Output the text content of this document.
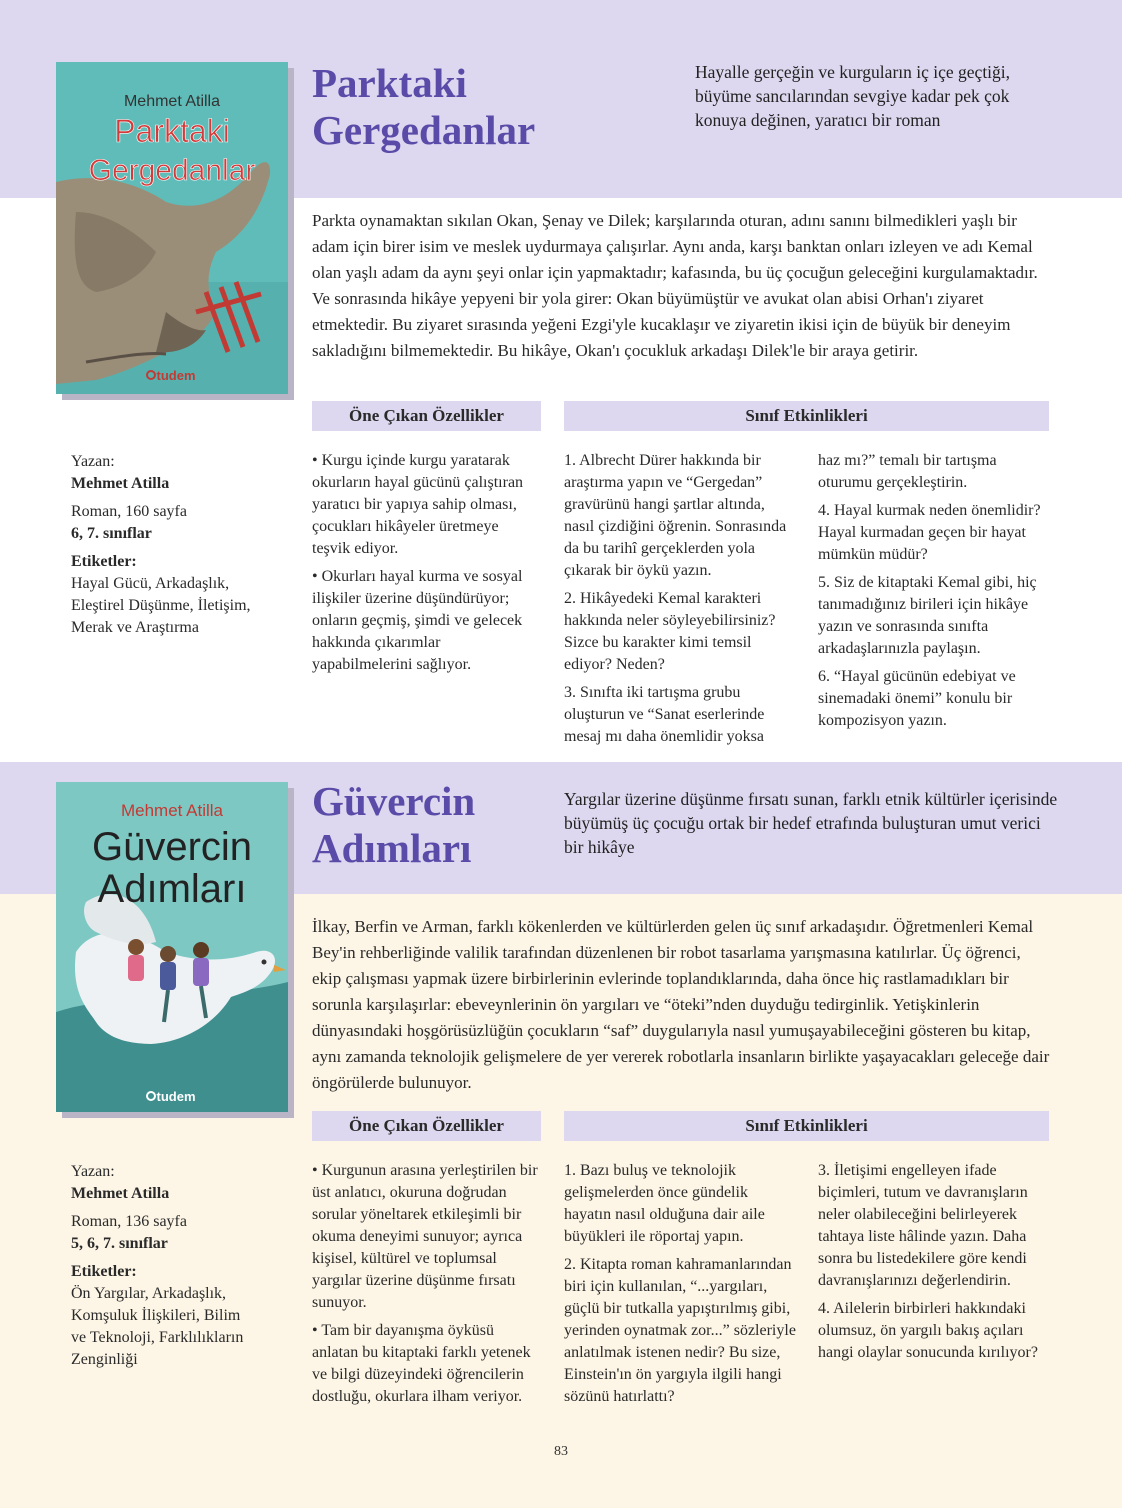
Mehmet Atilla
Parktaki
Gergedanlar
tudem
Parktaki
Gergedanlar
Hayalle gerçeğin ve kurguların iç içe geçtiği, büyüme sancılarından sevgiye kadar pek çok konuya değinen, yaratıcı bir roman
Parkta oynamaktan sıkılan Okan, Şenay ve Dilek; karşılarında oturan, adını sanını bilmedikleri yaşlı bir adam için birer isim ve meslek uydurmaya çalışırlar. Aynı anda, karşı banktan onları izleyen ve adı Kemal olan yaşlı adam da aynı şeyi onlar için yapmaktadır; kafasında, bu üç çocuğun geleceğini kurgulamaktadır. Ve sonrasında hikâye yepyeni bir yola girer: Okan büyümüştür ve avukat olan abisi Orhan'ı ziyaret etmektedir. Bu ziyaret sırasında yeğeni Ezgi'yle kucaklaşır ve ziyaretin ikisi için de büyük bir deneyim sakladığını bilmemektedir. Bu hikâye, Okan'ı çocukluk arkadaşı Dilek'le bir araya getirir.
Öne Çıkan Özellikler	Sınıf Etkinlikleri
Yazan:
Mehmet Atilla
Roman, 160 sayfa
6, 7. sınıflar
Etiketler:
Hayal Gücü, Arkadaşlık, Eleştirel Düşünme, İletişim, Merak ve Araştırma

• Kurgu içinde kurgu yaratarak okurların hayal gücünü çalıştıran yaratıcı bir yapıya sahip olması, çocukları hikâyeler üretmeye teşvik ediyor.

• Okurları hayal kurma ve sosyal ilişkiler üzerine düşündürüyor; onların geçmiş, şimdi ve gelecek hakkında çıkarımlar yapabilmelerini sağlıyor.

1. Albrecht Dürer hakkında bir araştırma yapın ve “Gergedan” gravürünü hangi şartlar altında, nasıl çizdiğini öğrenin. Sonrasında da bu tarihî gerçeklerden yola çıkarak bir öykü yazın.

2. Hikâyedeki Kemal karakteri hakkında neler söyleyebilirsiniz? Sizce bu karakter kimi temsil ediyor? Neden?

3. Sınıfta iki tartışma grubu oluşturun ve “Sanat eserlerinde mesaj mı daha önemlidir yoksa

haz mı?” temalı bir tartışma oturumu gerçekleştirin.

4. Hayal kurmak neden önemlidir? Hayal kurmadan geçen bir hayat mümkün müdür?

5. Siz de kitaptaki Kemal gibi, hiç tanımadığınız birileri için hikâye yazın ve sonrasında sınıfta arkadaşlarınızla paylaşın.

6. “Hayal gücünün edebiyat ve sinemadaki önemi” konulu bir kompozisyon yazın.

Mehmet Atilla
Güvercin
Adımları
tudem
Güvercin
Adımları
Yargılar üzerine düşünme fırsatı sunan, farklı etnik kültürler içerisinde büyümüş üç çocuğu ortak bir hedef etrafında buluşturan umut verici bir hikâye
İlkay, Berfin ve Arman, farklı kökenlerden ve kültürlerden gelen üç sınıf arkadaşıdır. Öğretmenleri Kemal Bey'in rehberliğinde valilik tarafından düzenlenen bir robot tasarlama yarışmasına katılırlar. Üç öğrenci, ekip çalışması yapmak üzere birbirlerinin evlerinde toplandıklarında, daha önce hiç rastlamadıkları bir sorunla karşılaşırlar: ebeveynlerinin ön yargıları ve “öteki”nden duyduğu tedirginlik. Yetişkinlerin dünyasındaki hoşgörüsüzlüğün çocukların “saf” duygularıyla nasıl yumuşayabileceğini gösteren bu kitap, aynı zamanda teknolojik gelişmelere de yer vererek robotlarla insanların birlikte yaşayacakları geleceğe dair öngörülerde bulunuyor.
Öne Çıkan Özellikler	Sınıf Etkinlikleri
Yazan:
Mehmet Atilla
Roman, 136 sayfa
5, 6, 7. sınıflar
Etiketler:
Ön Yargılar, Arkadaşlık, Komşuluk İlişkileri, Bilim ve Teknoloji, Farklılıkların Zenginliği

• Kurgunun arasına yerleştirilen bir üst anlatıcı, okuruna doğrudan sorular yöneltarek etkileşimli bir okuma deneyimi sunuyor; ayrıca kişisel, kültürel ve toplumsal yargılar üzerine düşünme fırsatı sunuyor.

• Tam bir dayanışma öyküsü anlatan bu kitaptaki farklı yetenek ve bilgi düzeyindeki öğrencilerin dostluğu, okurlara ilham veriyor.

1. Bazı buluş ve teknolojik gelişmelerden önce gündelik hayatın nasıl olduğuna dair aile büyükleri ile röportaj yapın.

2. Kitapta roman kahramanlarından biri için kullanılan, “...yargıları, güçlü bir tutkalla yapıştırılmış gibi, yerinden oynatmak zor...” sözleriyle anlatılmak istenen nedir? Bu size, Einstein'ın ön yargıyla ilgili hangi sözünü hatırlattı?

3. İletişimi engelleyen ifade biçimleri, tutum ve davranışların neler olabileceğini belirleyerek tahtaya liste hâlinde yazın. Daha sonra bu listedekilere göre kendi davranışlarınızı değerlendirin.

4. Ailelerin birbirleri hakkındaki olumsuz, ön yargılı bakış açıları hangi olaylar sonucunda kırılıyor?

83
